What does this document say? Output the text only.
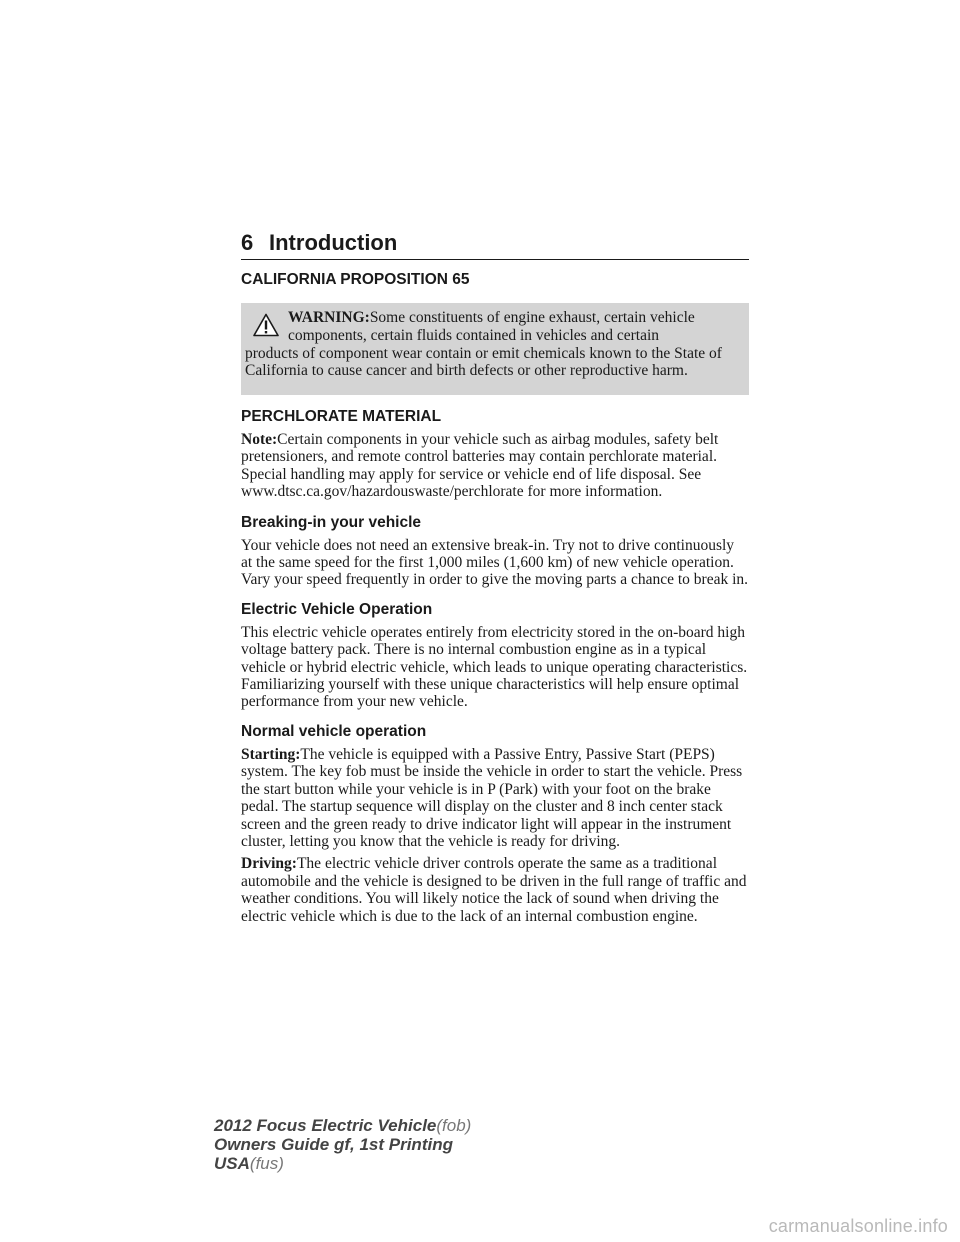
6 Introduction
CALIFORNIA PROPOSITION 65
WARNING:Some constituents of engine exhaust, certain vehicle
components, certain fluids contained in vehicles and certain
products of component wear contain or emit chemicals known to the State of California to cause cancer and birth defects or other reproductive harm.
PERCHLORATE MATERIAL

Note:Certain components in your vehicle such as airbag modules, safety belt pretensioners, and remote control batteries may contain perchlorate material. Special handling may apply for service or vehicle end of life disposal. See www.dtsc.ca.gov/hazardouswaste/perchlorate for more information.

Breaking-in your vehicle

Your vehicle does not need an extensive break-in. Try not to drive continuously at the same speed for the first 1,000 miles (1,600 km) of new vehicle operation. Vary your speed frequently in order to give the moving parts a chance to break in.

Electric Vehicle Operation

This electric vehicle operates entirely from electricity stored in the on-board high voltage battery pack. There is no internal combustion engine as in a typical vehicle or hybrid electric vehicle, which leads to unique operating characteristics. Familiarizing yourself with these unique characteristics will help ensure optimal performance from your new vehicle.

Normal vehicle operation

Starting:The vehicle is equipped with a Passive Entry, Passive Start (PEPS) system. The key fob must be inside the vehicle in order to start the vehicle. Press the start button while your vehicle is in P (Park) with your foot on the brake pedal. The startup sequence will display on the cluster and 8 inch center stack screen and the green ready to drive indicator light will appear in the instrument cluster, letting you know that the vehicle is ready for driving.

Driving:The electric vehicle driver controls operate the same as a traditional automobile and the vehicle is designed to be driven in the full range of traffic and weather conditions. You will likely notice the lack of sound when driving the electric vehicle which is due to the lack of an internal combustion engine.

2012 Focus Electric Vehicle(fob)
Owners Guide gf, 1st Printing
USA(fus)
carmanualsonline.info
